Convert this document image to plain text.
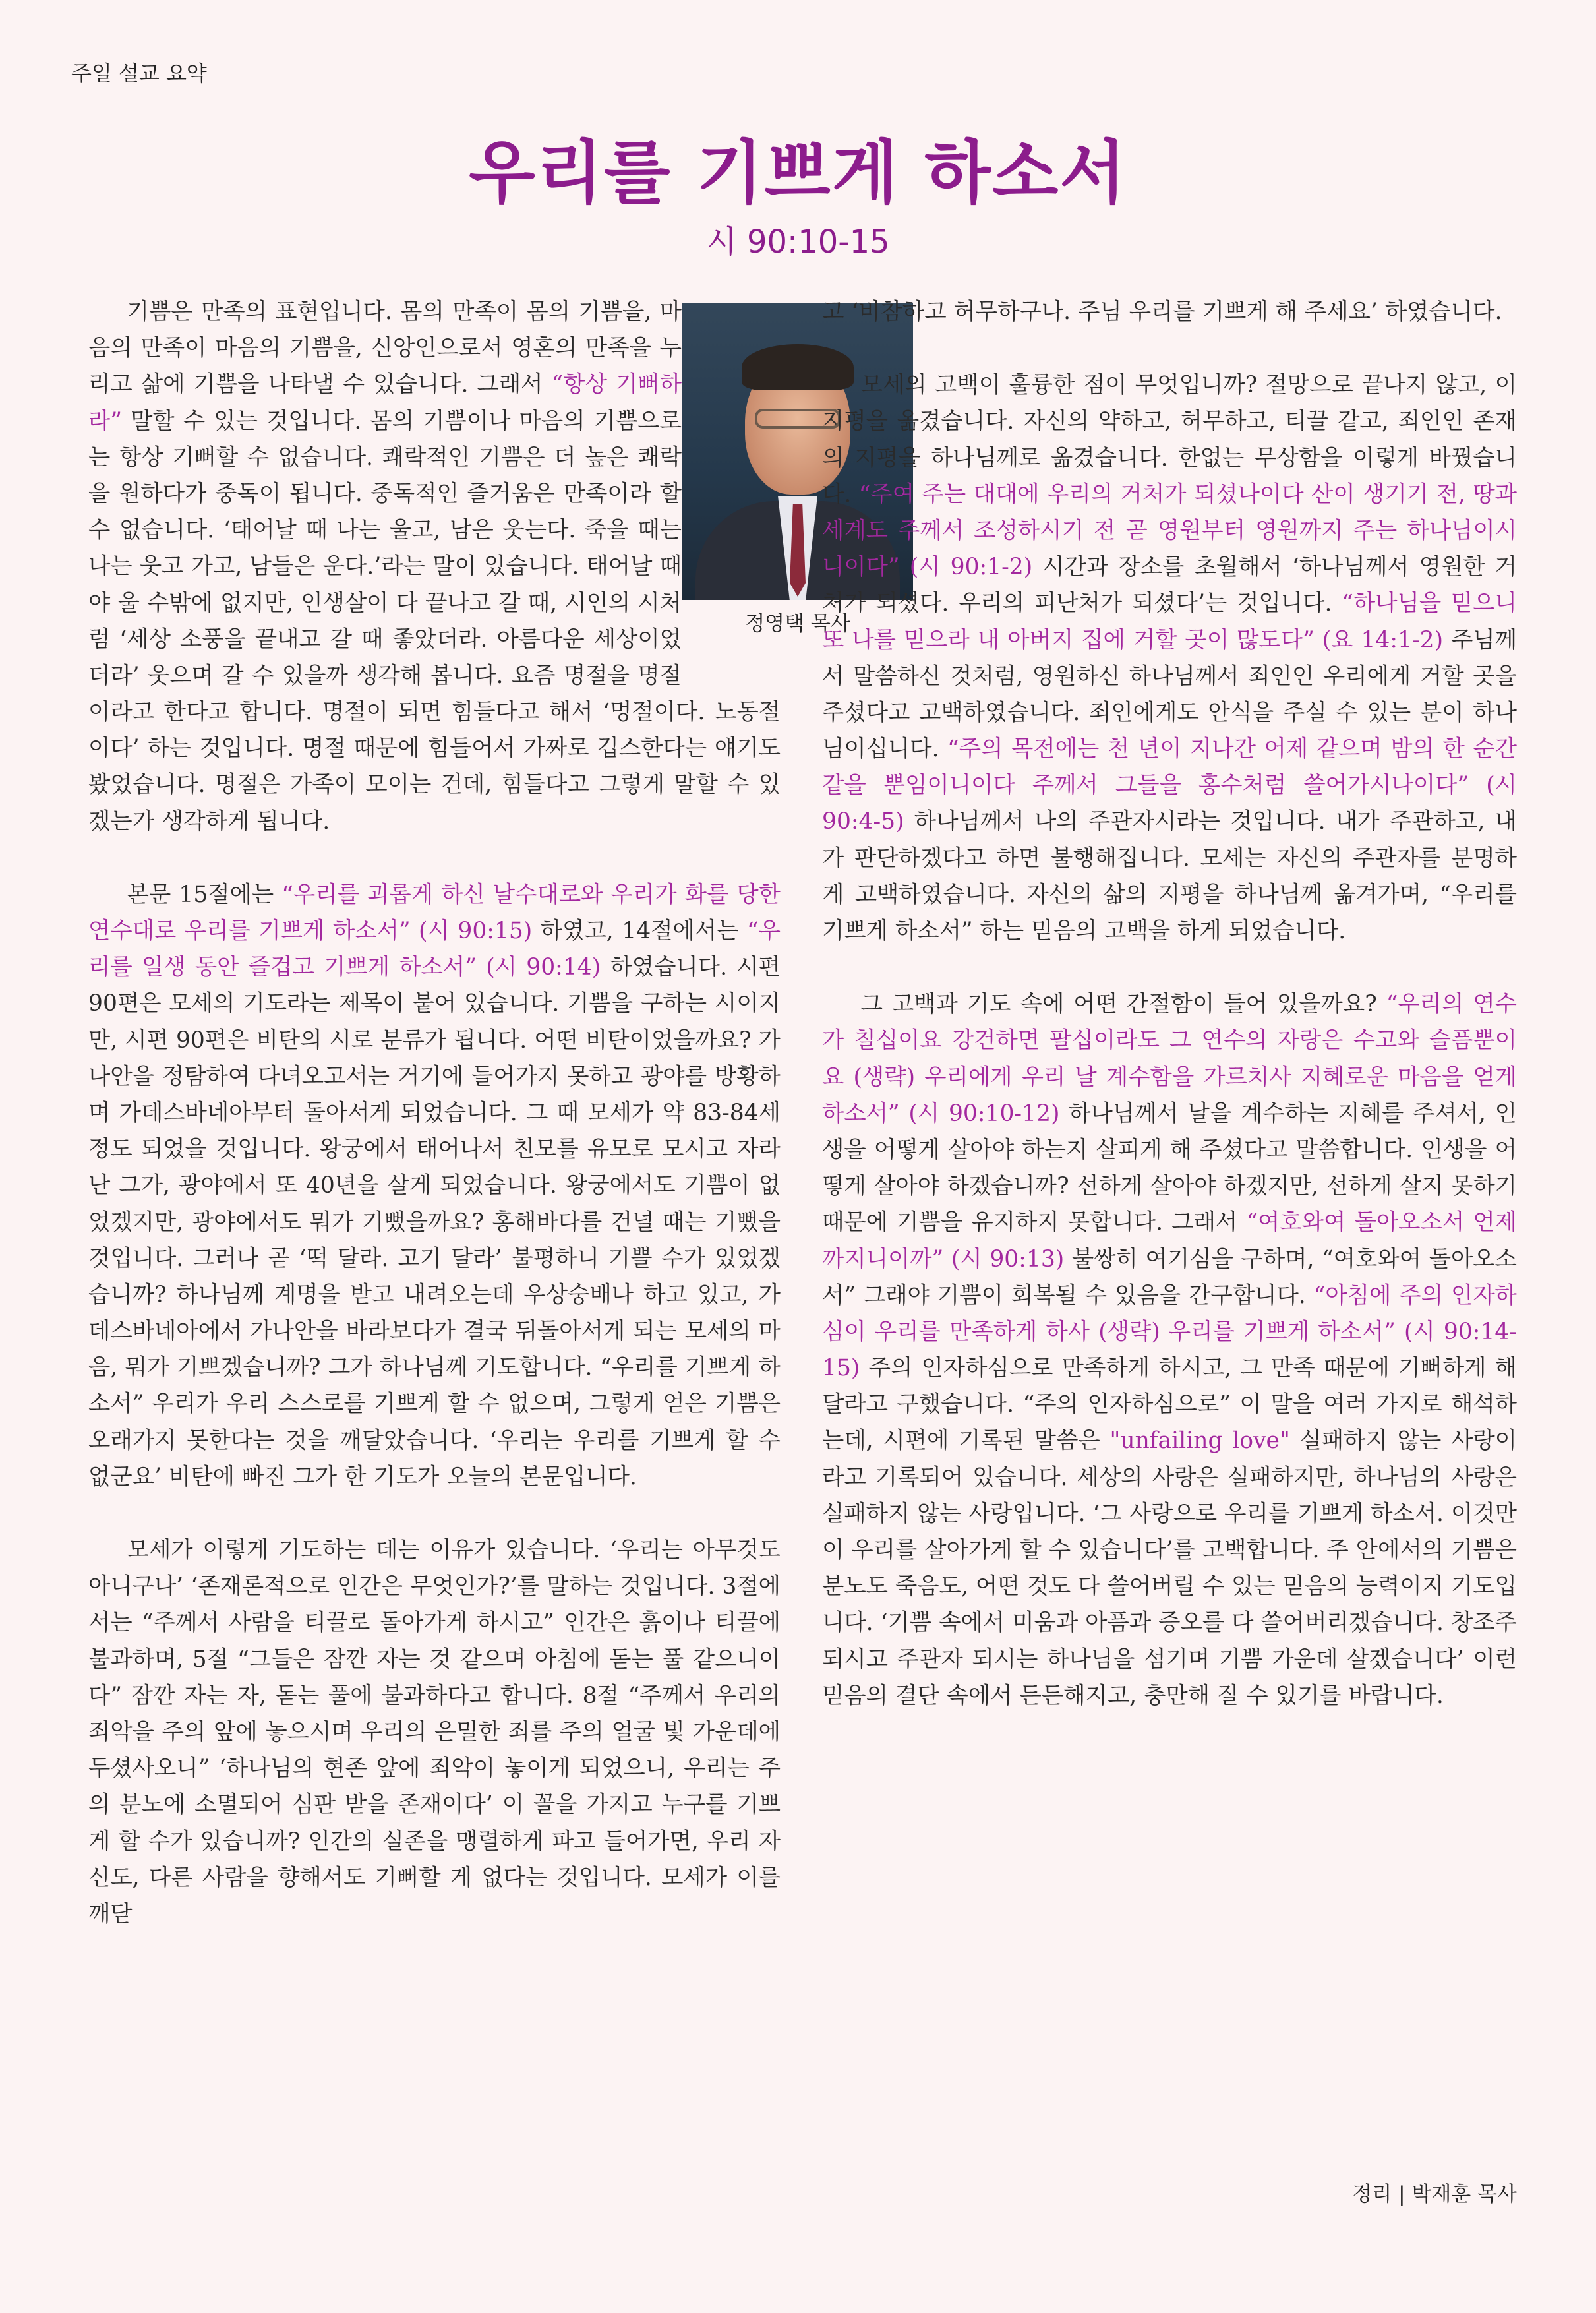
주일 설교 요약
우리를 기쁘게 하소서
시 90:10-15
정영택 목사

기쁨은 만족의 표현입니다. 몸의 만족이 몸의 기쁨을, 마음의 만족이 마음의 기쁨을, 신앙인으로서 영혼의 만족을 누리고 삶에 기쁨을 나타낼 수 있습니다. 그래서 “항상 기뻐하라” 말할 수 있는 것입니다. 몸의 기쁨이나 마음의 기쁨으로는 항상 기뻐할 수 없습니다. 쾌락적인 기쁨은 더 높은 쾌락을 원하다가 중독이 됩니다. 중독적인 즐거움은 만족이라 할 수 없습니다. ‘태어날 때 나는 울고, 남은 웃는다. 죽을 때는 나는 웃고 가고, 남들은 운다.’라는 말이 있습니다. 태어날 때야 울 수밖에 없지만, 인생살이 다 끝나고 갈 때, 시인의 시처럼 ‘세상 소풍을 끝내고 갈 때 좋았더라. 아름다운 세상이었더라’ 웃으며 갈 수 있을까 생각해 봅니다. 요즘 명절을 명절이라고 한다고 합니다. 명절이 되면 힘들다고 해서 ‘멍절이다. 노동절이다’ 하는 것입니다. 명절 때문에 힘들어서 가짜로 깁스한다는 얘기도 봤었습니다. 명절은 가족이 모이는 건데, 힘들다고 그렇게 말할 수 있겠는가 생각하게 됩니다.

본문 15절에는 “우리를 괴롭게 하신 날수대로와 우리가 화를 당한 연수대로 우리를 기쁘게 하소서” (시 90:15) 하였고, 14절에서는 “우리를 일생 동안 즐겁고 기쁘게 하소서” (시 90:14) 하였습니다. 시편 90편은 모세의 기도라는 제목이 붙어 있습니다. 기쁨을 구하는 시이지만, 시편 90편은 비탄의 시로 분류가 됩니다. 어떤 비탄이었을까요? 가나안을 정탐하여 다녀오고서는 거기에 들어가지 못하고 광야를 방황하며 가데스바네아부터 돌아서게 되었습니다. 그 때 모세가 약 83-84세 정도 되었을 것입니다. 왕궁에서 태어나서 친모를 유모로 모시고 자라난 그가, 광야에서 또 40년을 살게 되었습니다. 왕궁에서도 기쁨이 없었겠지만, 광야에서도 뭐가 기뻤을까요? 홍해바다를 건널 때는 기뻤을 것입니다. 그러나 곧 ‘떡 달라. 고기 달라’ 불평하니 기쁠 수가 있었겠습니까? 하나님께 계명을 받고 내려오는데 우상숭배나 하고 있고, 가데스바네아에서 가나안을 바라보다가 결국 뒤돌아서게 되는 모세의 마음, 뭐가 기쁘겠습니까? 그가 하나님께 기도합니다. “우리를 기쁘게 하소서” 우리가 우리 스스로를 기쁘게 할 수 없으며, 그렇게 얻은 기쁨은 오래가지 못한다는 것을 깨달았습니다. ‘우리는 우리를 기쁘게 할 수 없군요’ 비탄에 빠진 그가 한 기도가 오늘의 본문입니다.

모세가 이렇게 기도하는 데는 이유가 있습니다. ‘우리는 아무것도 아니구나’ ‘존재론적으로 인간은 무엇인가?’를 말하는 것입니다. 3절에서는 “주께서 사람을 티끌로 돌아가게 하시고” 인간은 흙이나 티끌에 불과하며, 5절 “그들은 잠깐 자는 것 같으며 아침에 돋는 풀 같으니이다” 잠깐 자는 자, 돋는 풀에 불과하다고 합니다. 8절 “주께서 우리의 죄악을 주의 앞에 놓으시며 우리의 은밀한 죄를 주의 얼굴 빛 가운데에 두셨사오니” ‘하나님의 현존 앞에 죄악이 놓이게 되었으니, 우리는 주의 분노에 소멸되어 심판 받을 존재이다’ 이 꼴을 가지고 누구를 기쁘게 할 수가 있습니까? 인간의 실존을 맹렬하게 파고 들어가면, 우리 자신도, 다른 사람을 향해서도 기뻐할 게 없다는 것입니다. 모세가 이를 깨닫

고 ‘비참하고 허무하구나. 주님 우리를 기쁘게 해 주세요’ 하였습니다.

모세의 고백이 훌륭한 점이 무엇입니까? 절망으로 끝나지 않고, 이 지평을 옮겼습니다. 자신의 약하고, 허무하고, 티끌 같고, 죄인인 존재의 지평을 하나님께로 옮겼습니다. 한없는 무상함을 이렇게 바꿨습니다. “주여 주는 대대에 우리의 거처가 되셨나이다 산이 생기기 전, 땅과 세계도 주께서 조성하시기 전 곧 영원부터 영원까지 주는 하나님이시니이다” (시 90:1-2) 시간과 장소를 초월해서 ‘하나님께서 영원한 거처가 되셨다. 우리의 피난처가 되셨다’는 것입니다. “하나님을 믿으니 또 나를 믿으라 내 아버지 집에 거할 곳이 많도다” (요 14:1-2) 주님께서 말씀하신 것처럼, 영원하신 하나님께서 죄인인 우리에게 거할 곳을 주셨다고 고백하였습니다. 죄인에게도 안식을 주실 수 있는 분이 하나님이십니다. “주의 목전에는 천 년이 지나간 어제 같으며 밤의 한 순간 같을 뿐임이니이다 주께서 그들을 홍수처럼 쓸어가시나이다” (시 90:4-5) 하나님께서 나의 주관자시라는 것입니다. 내가 주관하고, 내가 판단하겠다고 하면 불행해집니다. 모세는 자신의 주관자를 분명하게 고백하였습니다. 자신의 삶의 지평을 하나님께 옮겨가며, “우리를 기쁘게 하소서” 하는 믿음의 고백을 하게 되었습니다.

그 고백과 기도 속에 어떤 간절함이 들어 있을까요? “우리의 연수가 칠십이요 강건하면 팔십이라도 그 연수의 자랑은 수고와 슬픔뿐이요 (생략) 우리에게 우리 날 계수함을 가르치사 지혜로운 마음을 얻게 하소서” (시 90:10-12) 하나님께서 날을 계수하는 지혜를 주셔서, 인생을 어떻게 살아야 하는지 살피게 해 주셨다고 말씀합니다. 인생을 어떻게 살아야 하겠습니까? 선하게 살아야 하겠지만, 선하게 살지 못하기 때문에 기쁨을 유지하지 못합니다. 그래서 “여호와여 돌아오소서 언제까지니이까” (시 90:13) 불쌍히 여기심을 구하며, “여호와여 돌아오소서” 그래야 기쁨이 회복될 수 있음을 간구합니다. “아침에 주의 인자하심이 우리를 만족하게 하사 (생략) 우리를 기쁘게 하소서” (시 90:14-15) 주의 인자하심으로 만족하게 하시고, 그 만족 때문에 기뻐하게 해 달라고 구했습니다. “주의 인자하심으로” 이 말을 여러 가지로 해석하는데, 시편에 기록된 말씀은 "unfailing love" 실패하지 않는 사랑이라고 기록되어 있습니다. 세상의 사랑은 실패하지만, 하나님의 사랑은 실패하지 않는 사랑입니다. ‘그 사랑으로 우리를 기쁘게 하소서. 이것만이 우리를 살아가게 할 수 있습니다’를 고백합니다. 주 안에서의 기쁨은 분노도 죽음도, 어떤 것도 다 쓸어버릴 수 있는 믿음의 능력이지 기도입니다. ‘기쁨 속에서 미움과 아픔과 증오를 다 쓸어버리겠습니다. 창조주 되시고 주관자 되시는 하나님을 섬기며 기쁨 가운데 살겠습니다’ 이런 믿음의 결단 속에서 든든해지고, 충만해 질 수 있기를 바랍니다.

정리 | 박재훈 목사
